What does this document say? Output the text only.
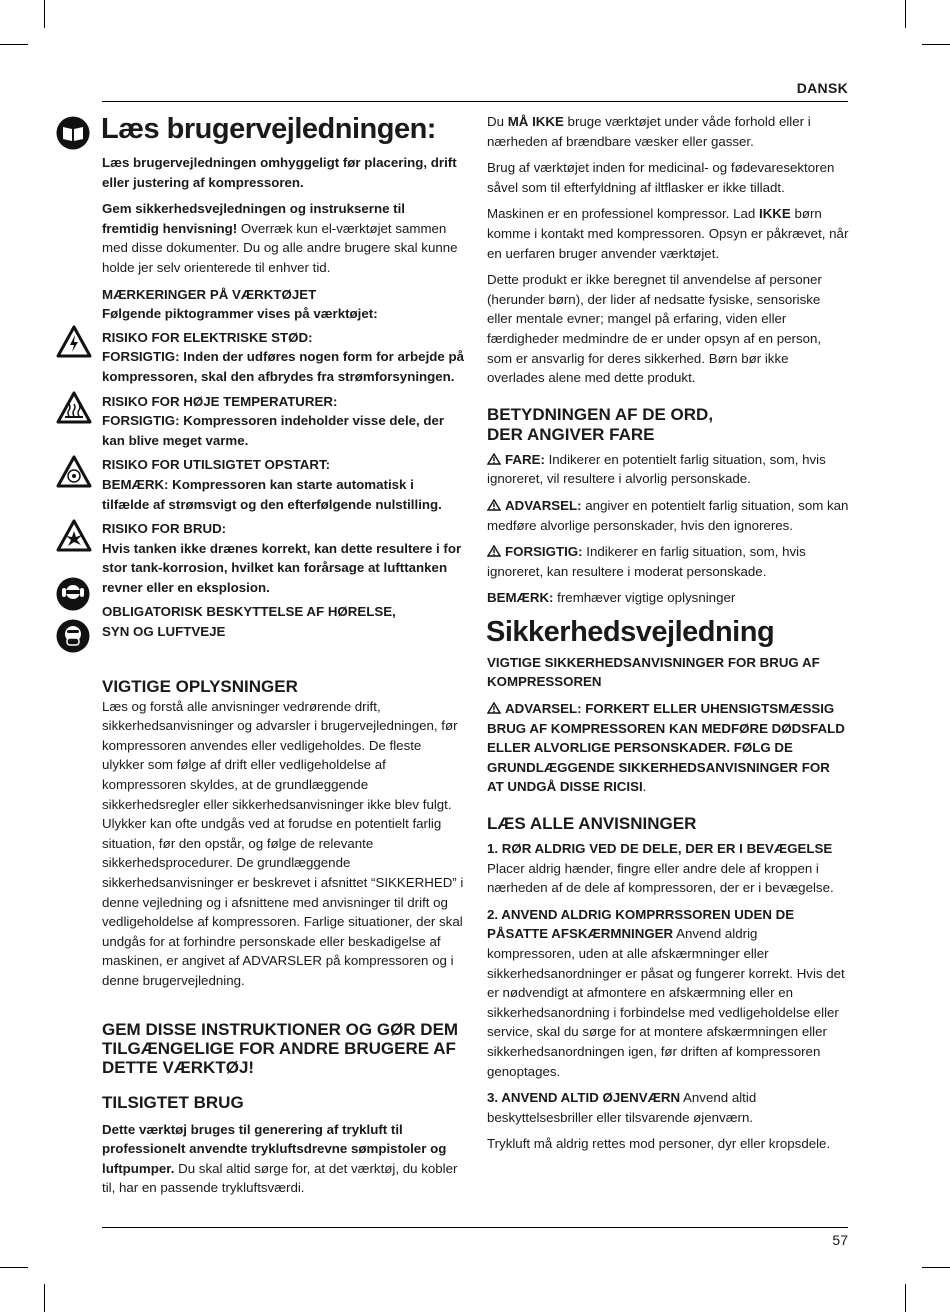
DANSK
57
Læs brugervejledningen:

Læs brugervejledningen omhyggeligt før placering, drift eller justering af kompressoren.

Gem sikkerhedsvejledningen og instrukserne til fremtidig henvisning! Overræk kun el-værktøjet sammen med disse dokumenter. Du og alle andre brugere skal kunne holde jer selv orienterede til enhver tid.

MÆRKERINGER PÅ VÆRKTØJET
Følgende piktogrammer vises på værktøjet:

RISIKO FOR ELEKTRISKE STØD:
FORSIGTIG: Inden der udføres nogen form for arbejde på kompressoren, skal den afbrydes fra strømforsyningen.

RISIKO FOR HØJE TEMPERATURER:
FORSIGTIG: Kompressoren indeholder visse dele, der kan blive meget varme.

RISIKO FOR UTILSIGTET OPSTART:
BEMÆRK: Kompressoren kan starte automatisk i tilfælde af strømsvigt og den efterfølgende nulstilling.

RISIKO FOR BRUD:
Hvis tanken ikke drænes korrekt, kan dette resultere i for stor tank-korrosion, hvilket kan forårsage at lufttanken revner eller en eksplosion.

OBLIGATORISK BESKYTTELSE AF HØRELSE, SYN OG LUFTVEJE

VIGTIGE OPLYSNINGER

Læs og forstå alle anvisninger vedrørende drift, sikkerhedsanvisninger og advarsler i brugervejledningen, før kompressoren anvendes eller vedligeholdes. De fleste ulykker som følge af drift eller vedligeholdelse af kompressoren skyldes, at de grundlæggende sikkerhedsregler eller sikkerhedsanvisninger ikke blev fulgt. Ulykker kan ofte undgås ved at forudse en potentielt farlig situation, før den opstår, og følge de relevante sikkerhedsprocedurer. De grundlæggende sikkerhedsanvisninger er beskrevet i afsnittet “SIKKERHED” i denne vejledning og i afsnittene med anvisninger til drift og vedligeholdelse af kompressoren. Farlige situationer, der skal undgås for at forhindre personskade eller beskadigelse af maskinen, er angivet af ADVARSLER på kompressoren og i denne brugervejledning.

GEM DISSE INSTRUKTIONER OG GØR DEM TILGÆNGELIGE FOR ANDRE BRUGERE AF DETTE VÆRKTØJ!
TILSIGTET BRUG

Dette værktøj bruges til generering af trykluft til professionelt anvendte trykluftsdrevne sømpistoler og luftpumper. Du skal altid sørge for, at det værktøj, du kobler til, har en passende trykluftsværdi.

Du MÅ IKKE bruge værktøjet under våde forhold eller i nærheden af brændbare væsker eller gasser.

Brug af værktøjet inden for medicinal- og fødevaresektoren såvel som til efterfyldning af iltflasker er ikke tilladt.

Maskinen er en professionel kompressor. Lad IKKE børn komme i kontakt med kompressoren. Opsyn er påkrævet, når en uerfaren bruger anvender værktøjet.

Dette produkt er ikke beregnet til anvendelse af personer (herunder børn), der lider af nedsatte fysiske, sensoriske eller mentale evner; mangel på erfaring, viden eller færdigheder medmindre de er under opsyn af en person, som er ansvarlig for deres sikkerhed. Børn bør ikke overlades alene med dette produkt.

BETYDNINGEN AF DE ORD,
DER ANGIVER FARE

FARE: Indikerer en potentielt farlig situation, som, hvis ignoreret, vil resultere i alvorlig personskade.

ADVARSEL: angiver en potentielt farlig situation, som kan medføre alvorlige personskader, hvis den ignoreres.

FORSIGTIG: Indikerer en farlig situation, som, hvis ignoreret, kan resultere i moderat personskade.

BEMÆRK: fremhæver vigtige oplysninger

Sikkerhedsvejledning

VIGTIGE SIKKERHEDSANVISNINGER FOR BRUG AF KOMPRESSOREN

ADVARSEL: FORKERT ELLER UHENSIGTSMÆSSIG BRUG AF KOMPRESSOREN KAN MEDFØRE DØDSFALD ELLER ALVORLIGE PERSONSKADER. FØLG DE GRUNDLÆGGENDE SIKKERHEDSANVISNINGER FOR AT UNDGÅ DISSE RICISI.

LÆS ALLE ANVISNINGER

1. RØR ALDRIG VED DE DELE, DER ER I BEVÆGELSE
Placer aldrig hænder, fingre eller andre dele af kroppen i nærheden af de dele af kompressoren, der er i bevægelse.

2. ANVEND ALDRIG KOMPRRSSOREN UDEN DE PÅSATTE AFSKÆRMNINGER Anvend aldrig kompressoren, uden at alle afskærmninger eller sikkerhedsanordninger er påsat og fungerer korrekt. Hvis det er nødvendigt at afmontere en afskærmning eller en sikkerhedsanordning i forbindelse med vedligeholdelse eller service, skal du sørge for at montere afskærmningen eller sikkerhedsanordningen igen, før driften af kompressoren genoptages.

3. ANVEND ALTID ØJENVÆRN Anvend altid beskyttelsesbriller eller tilsvarende øjenværn.

Trykluft må aldrig rettes mod personer, dyr eller kropsdele.
